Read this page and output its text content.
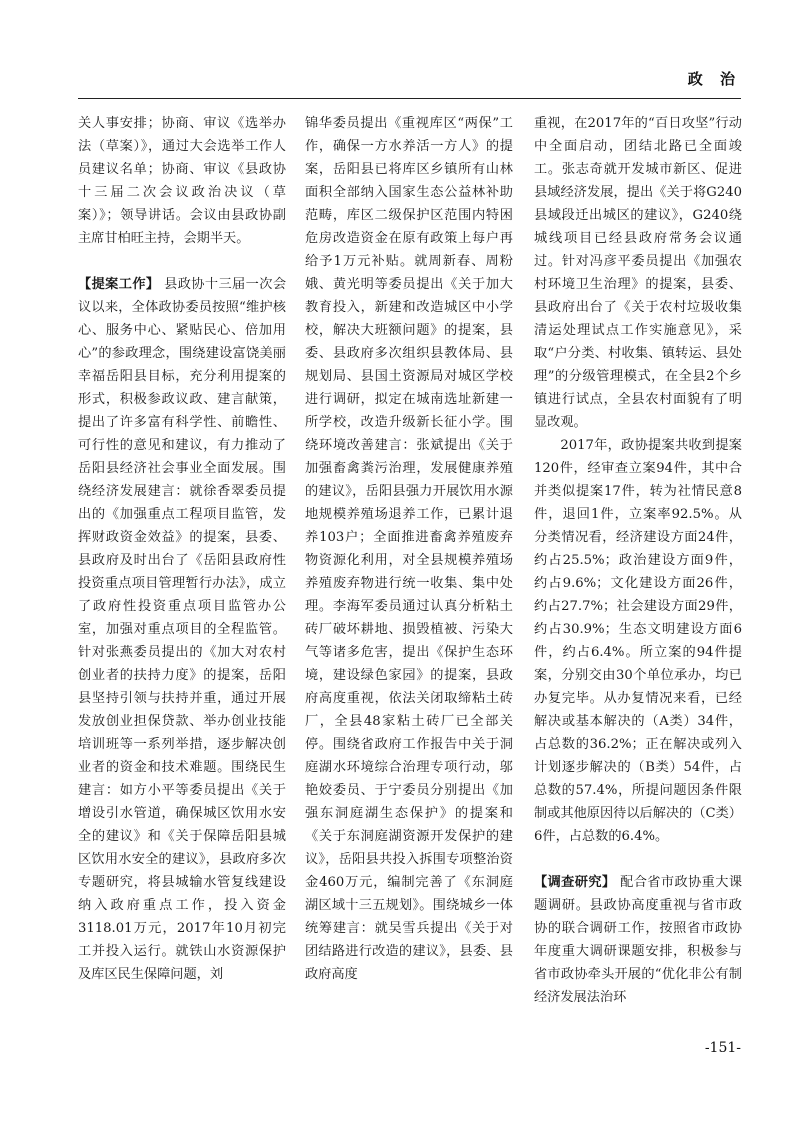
政 治

关人事安排；协商、审议《选举办法（草案）》，通过大会选举工作人员建议名单；协商、审议《县政协十三届二次会议政治决议（草案）》；领导讲话。会议由县政协副主席甘柏旺主持，会期半天。

【提案工作】 县政协十三届一次会议以来，全体政协委员按照“维护核心、服务中心、紧贴民心、倍加用心”的参政理念，围绕建设富饶美丽幸福岳阳县目标，充分利用提案的形式，积极参政议政、建言献策，提出了许多富有科学性、前瞻性、可行性的意见和建议，有力推动了岳阳县经济社会事业全面发展。围绕经济发展建言：就徐香翠委员提出的《加强重点工程项目监管，发挥财政资金效益》的提案，县委、县政府及时出台了《岳阳县政府性投资重点项目管理暂行办法》，成立了政府性投资重点项目监管办公室，加强对重点项目的全程监管。针对张燕委员提出的《加大对农村创业者的扶持力度》的提案，岳阳县坚持引领与扶持并重，通过开展发放创业担保贷款、举办创业技能培训班等一系列举措，逐步解决创业者的资金和技术难题。围绕民生建言：如方小平等委员提出《关于增设引水管道，确保城区饮用水安全的建议》和《关于保障岳阳县城区饮用水安全的建议》，县政府多次专题研究，将县城输水管复线建设纳入政府重点工作，投入资金3118.01万元，2017年10月初完工并投入运行。就铁山水资源保护及库区民生保障问题，刘

锦华委员提出《重视库区“两保”工作，确保一方水养活一方人》的提案，岳阳县已将库区乡镇所有山林面积全部纳入国家生态公益林补助范畴，库区二级保护区范围内特困危房改造资金在原有政策上每户再给予1万元补贴。就周新春、周粉娥、黄光明等委员提出《关于加大教育投入，新建和改造城区中小学校，解决大班额问题》的提案，县委、县政府多次组织县教体局、县规划局、县国土资源局对城区学校进行调研，拟定在城南选址新建一所学校，改造升级新长征小学。围绕环境改善建言：张斌提出《关于加强畜禽粪污治理，发展健康养殖的建议》，岳阳县强力开展饮用水源地规模养殖场退养工作，已累计退养103户；全面推进畜禽养殖废弃物资源化利用，对全县规模养殖场养殖废弃物进行统一收集、集中处理。李海军委员通过认真分析粘土砖厂破坏耕地、损毁植被、污染大气等诸多危害，提出《保护生态环境，建设绿色家园》的提案，县政府高度重视，依法关闭取缔粘土砖厂，全县48家粘土砖厂已全部关停。围绕省政府工作报告中关于洞庭湖水环境综合治理专项行动，邬艳姣委员、于宁委员分别提出《加强东洞庭湖生态保护》的提案和《关于东洞庭湖资源开发保护的建议》，岳阳县共投入拆围专项整治资金460万元，编制完善了《东洞庭湖区域十三五规划》。围绕城乡一体统筹建言：就吴雪兵提出《关于对团结路进行改造的建议》，县委、县政府高度

重视，在2017年的“百日攻坚”行动中全面启动，团结北路已全面竣工。张志奇就开发城市新区、促进县域经济发展，提出《关于将G240县域段迁出城区的建议》，G240绕城线项目已经县政府常务会议通过。针对冯彦平委员提出《加强农村环境卫生治理》的提案，县委、县政府出台了《关于农村垃圾收集清运处理试点工作实施意见》，采取“户分类、村收集、镇转运、县处理”的分级管理模式，在全县2个乡镇进行试点，全县农村面貌有了明显改观。

2017年，政协提案共收到提案120件，经审查立案94件，其中合并类似提案17件，转为社情民意8件，退回1件，立案率92.5%。从分类情况看，经济建设方面24件，约占25.5%；政治建设方面9件，约占9.6%；文化建设方面26件，约占27.7%；社会建设方面29件，约占30.9%；生态文明建设方面6件，约占6.4%。所立案的94件提案，分别交由30个单位承办，均已办复完毕。从办复情况来看，已经解决或基本解决的（A类）34件，占总数的36.2%；正在解决或列入计划逐步解决的（B类）54件，占总数的57.4%，所提问题因条件限制或其他原因待以后解决的（C类）6件，占总数的6.4%。

【调查研究】 配合省市政协重大课题调研。县政协高度重视与省市政协的联合调研工作，按照省市政协年度重大调研课题安排，积极参与省市政协牵头开展的“优化非公有制经济发展法治环

-151-
